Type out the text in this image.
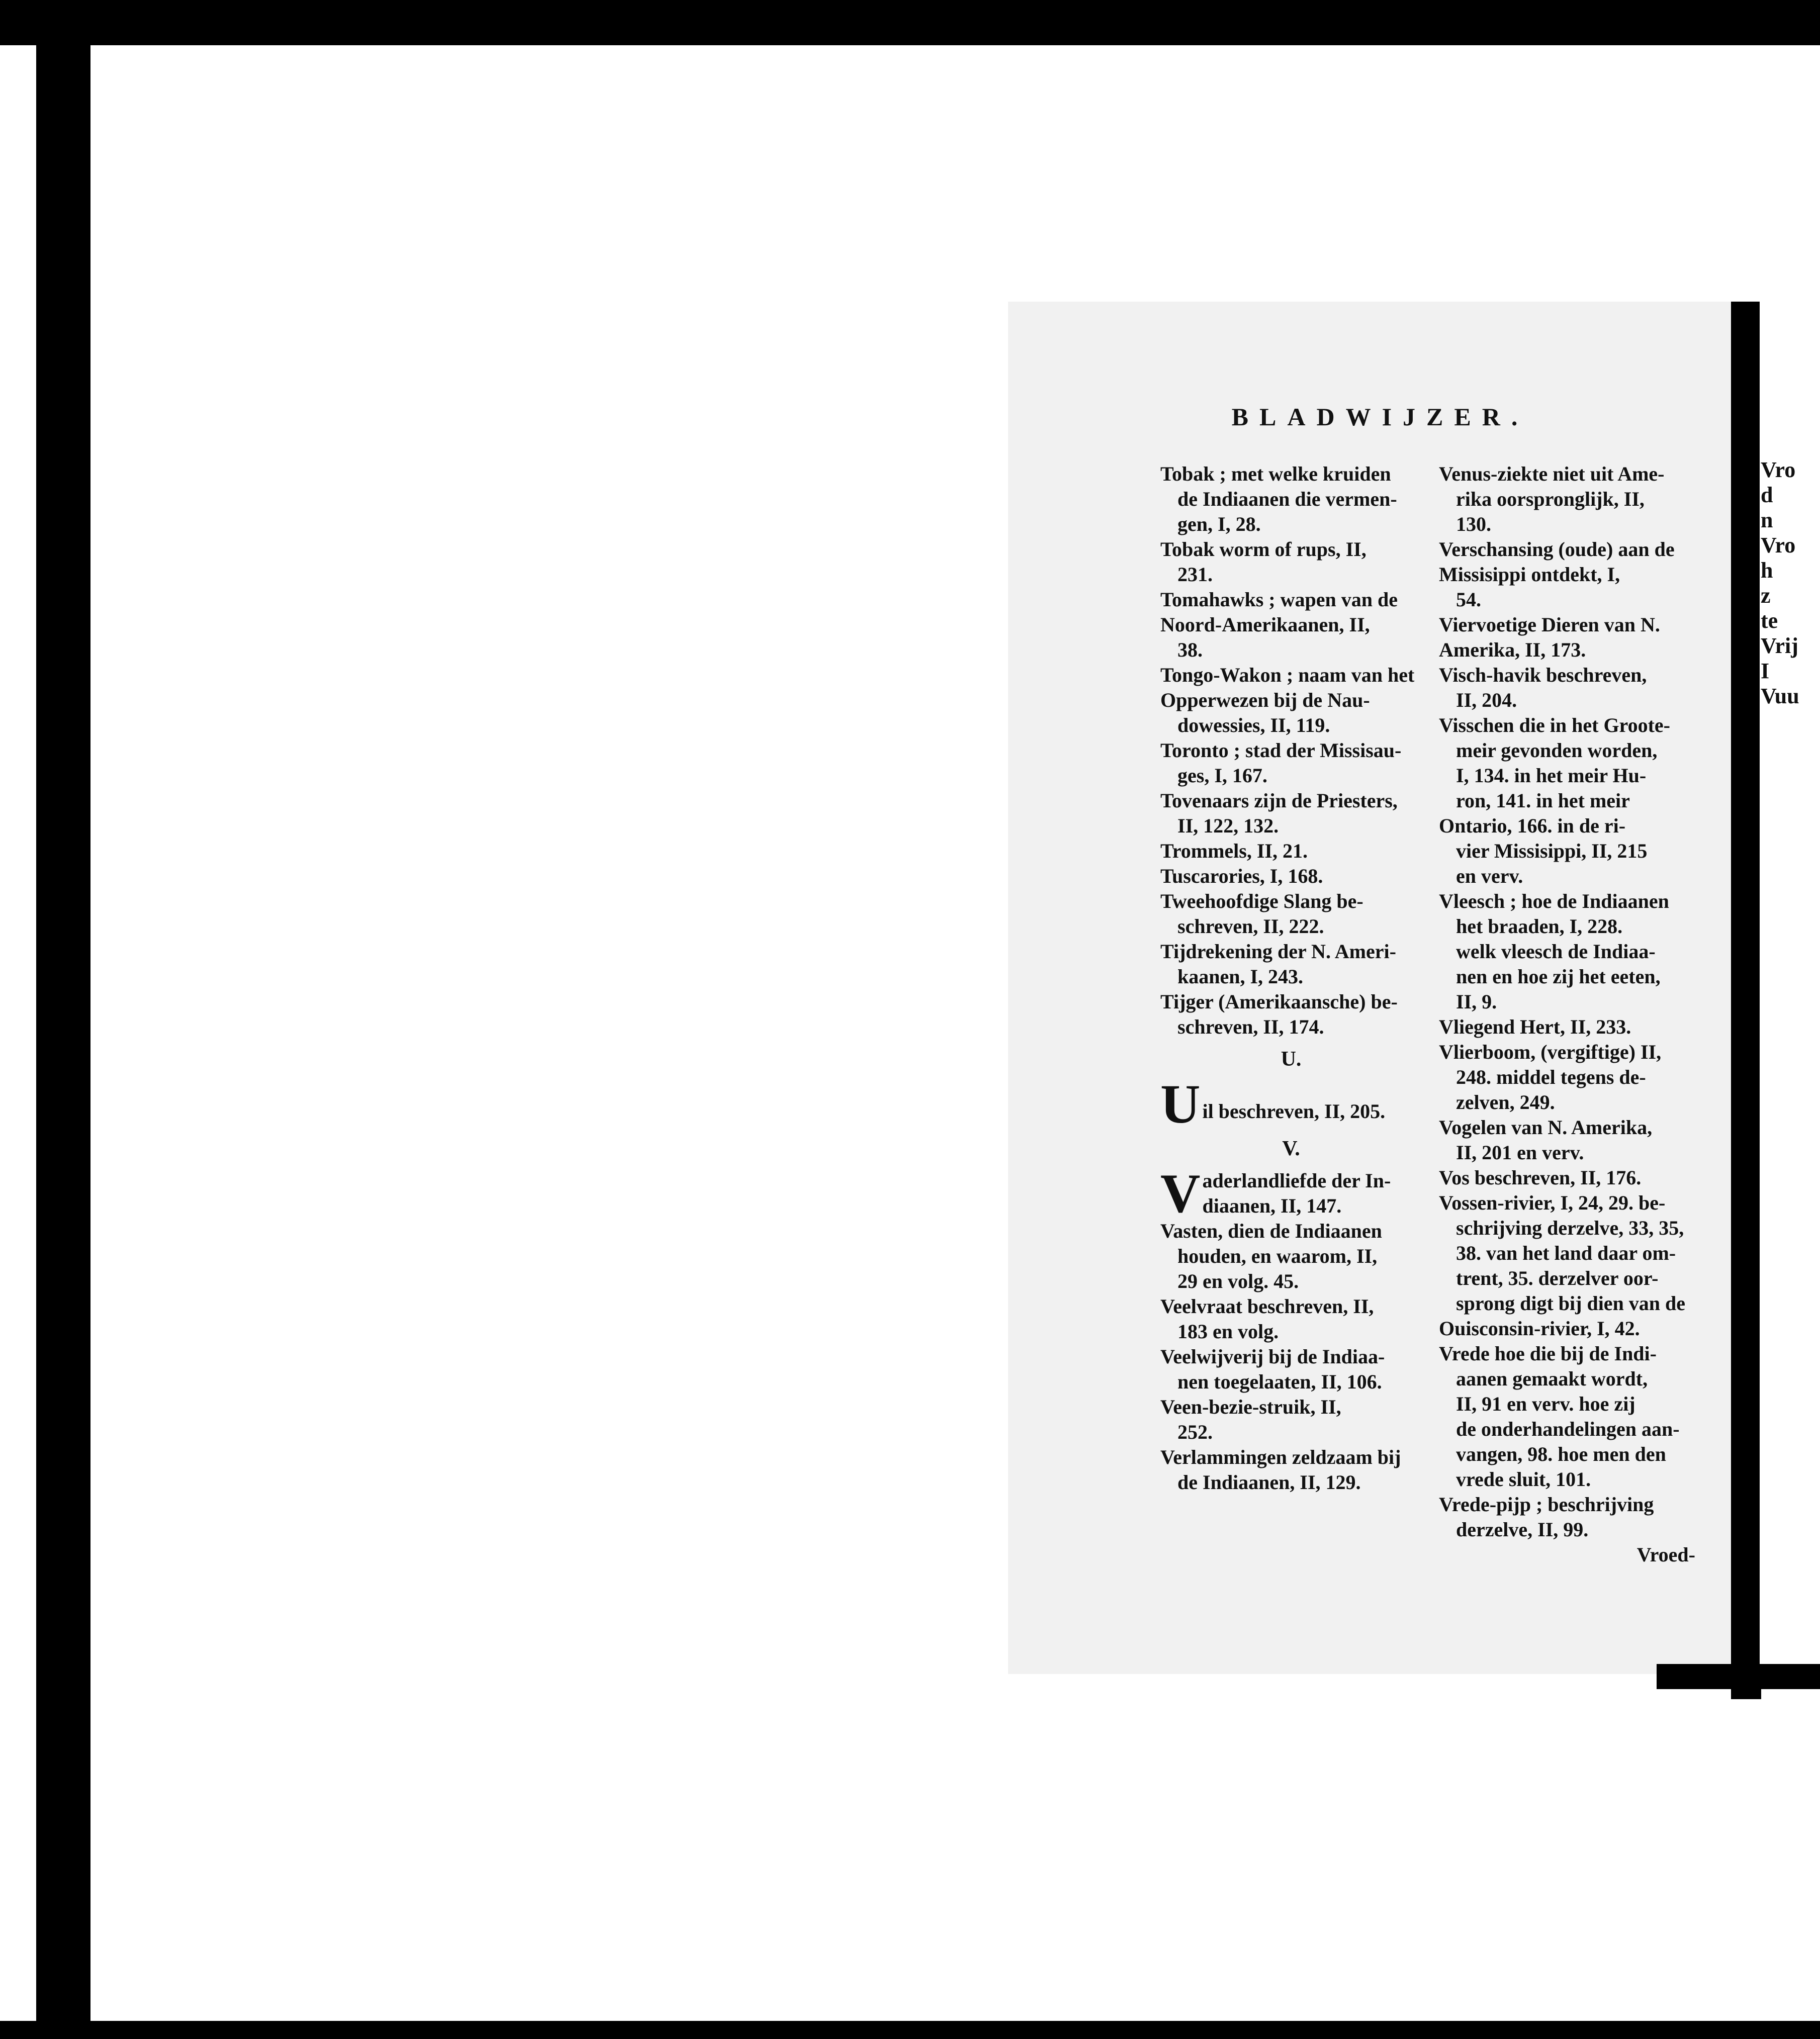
Vro
d
n
Vro
h
z
te
Vrij
I
Vuu
BLADWIJZER.
Tobak ; met welke kruiden
de Indiaanen die vermen-
gen, I, 28.
Tobak worm of rups, II,
231.
Tomahawks ; wapen van de
Noord-Amerikaanen, II,
38.
Tongo-Wakon ; naam van het
Opperwezen bij de Nau-
dowessies, II, 119.
Toronto ; stad der Missisau-
ges, I, 167.
Tovenaars zijn de Priesters,
II, 122, 132.
Trommels, II, 21.
Tuscarories, I, 168.
Tweehoofdige Slang be-
schreven, II, 222.
Tijdrekening der N. Ameri-
kaanen, I, 243.
Tijger (Amerikaansche) be-
schreven, II, 174.
U.
U il beschreven, II, 205.
V.
V aderlandliefde der In-
diaanen, II, 147.
Vasten, dien de Indiaanen
houden, en waarom, II,
29 en volg. 45.
Veelvraat beschreven, II,
183 en volg.
Veelwijverij bij de Indiaa-
nen toegelaaten, II, 106.
Veen-bezie-struik, II,
252.
Verlammingen zeldzaam bij
de Indiaanen, II, 129.
Venus-ziekte niet uit Ame-
rika oorspronglijk, II,
130.
Verschansing (oude) aan de
Missisippi ontdekt, I,
54.
Viervoetige Dieren van N.
Amerika, II, 173.
Visch-havik beschreven,
II, 204.
Visschen die in het Groote-
meir gevonden worden,
I, 134. in het meir Hu-
ron, 141. in het meir
Ontario, 166. in de ri-
vier Missisippi, II, 215
en verv.
Vleesch ; hoe de Indiaanen
het braaden, I, 228.
welk vleesch de Indiaa-
nen en hoe zij het eeten,
II, 9.
Vliegend Hert, II, 233.
Vlierboom, (vergiftige) II,
248. middel tegens de-
zelven, 249.
Vogelen van N. Amerika,
II, 201 en verv.
Vos beschreven, II, 176.
Vossen-rivier, I, 24, 29. be-
schrijving derzelve, 33, 35,
38. van het land daar om-
trent, 35. derzelver oor-
sprong digt bij dien van de
Ouisconsin-rivier, I, 42.
Vrede hoe die bij de Indi-
aanen gemaakt wordt,
II, 91 en verv. hoe zij
de onderhandelingen aan-
vangen, 98. hoe men den
vrede sluit, 101.
Vrede-pijp ; beschrijving
derzelve, II, 99.
Vroed-
